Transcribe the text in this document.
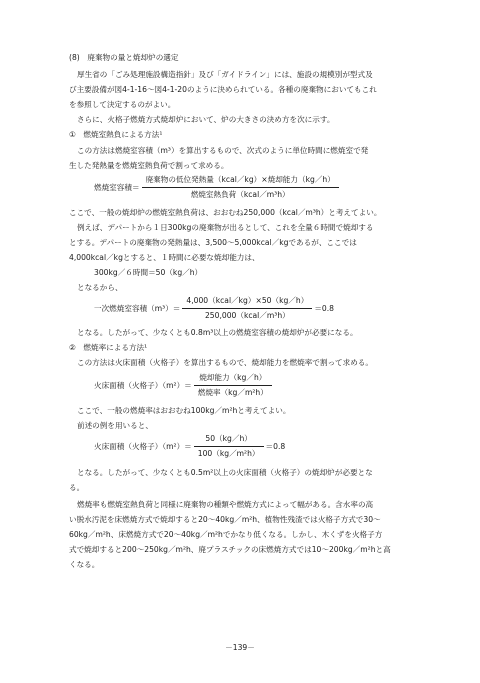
(8)　廃棄物の量と焼却炉の選定
厚生省の「ごみ処理施設構造指針」及び「ガイドライン」には、施設の規模別が型式及
び主要設備が図4-1-16～図4-1-20のように決められている。各種の廃棄物においてもこれ
を参照して決定するのがよい。
さらに、火格子燃焼方式焼却炉において、炉の大きさの決め方を次に示す。
①　燃焼室熱負による方法¹
この方法は燃焼室容積（m³）を算出するもので、次式のように単位時間に燃焼室で発
生した発熱量を燃焼室熱負荷で割って求める。
燃焼室容積＝
廃棄物の低位発熱量（kcal／kg）×焼却能力（kg／h）
燃焼室熱負荷（kcal／m³h）
ここで、一般の焼却炉の燃焼室熱負荷は、おおむね250,000（kcal／m³h）と考えてよい。
例えば、デパートから１日300kgの廃棄物が出るとして、これを全量６時間で焼却する
とする。デパートの廃棄物の発熱量は、3,500～5,000kcal／kgであるが、ここでは
4,000kcal／kgとすると、１時間に必要な焼却能力は、
300kg／６時間＝50（kg／h）
となるから、
一次燃焼室容積（m³）＝
4,000（kcal／kg）×50（kg／h）
250,000（kcal／m³h）
＝0.8
となる。したがって、少なくとも0.8m³以上の燃焼室容積の焼却炉が必要になる。
②　燃焼率による方法¹
この方法は火床面積（火格子）を算出するもので、焼却能力を燃焼率で割って求める。
火床面積（火格子）（m²）＝
焼却能力（kg／h）
燃焼率（kg／m²h）
ここで、一般の燃焼率はおおむね100kg／m²hと考えてよい。
前述の例を用いると、
火床面積（火格子）（m²）＝
50（kg／h）
100（kg／m²h）
＝0.8
となる。したがって、少なくとも0.5m²以上の火床面積（火格子）の焼却炉が必要とな
る。
燃焼率も燃焼室熱負荷と同様に廃棄物の種類や燃焼方式によって幅がある。含水率の高
い脱水汚泥を床燃焼方式で焼却すると20～40kg／m²h、植物性残渣では火格子方式で30～
60kg／m²h、床燃焼方式で20～40kg／m²hでかなり低くなる。しかし、木くずを火格子方
式で焼却すると200～250kg／m²h、廃プラスチックの床燃焼方式では10～200kg／m²hと高
くなる。
－139－
